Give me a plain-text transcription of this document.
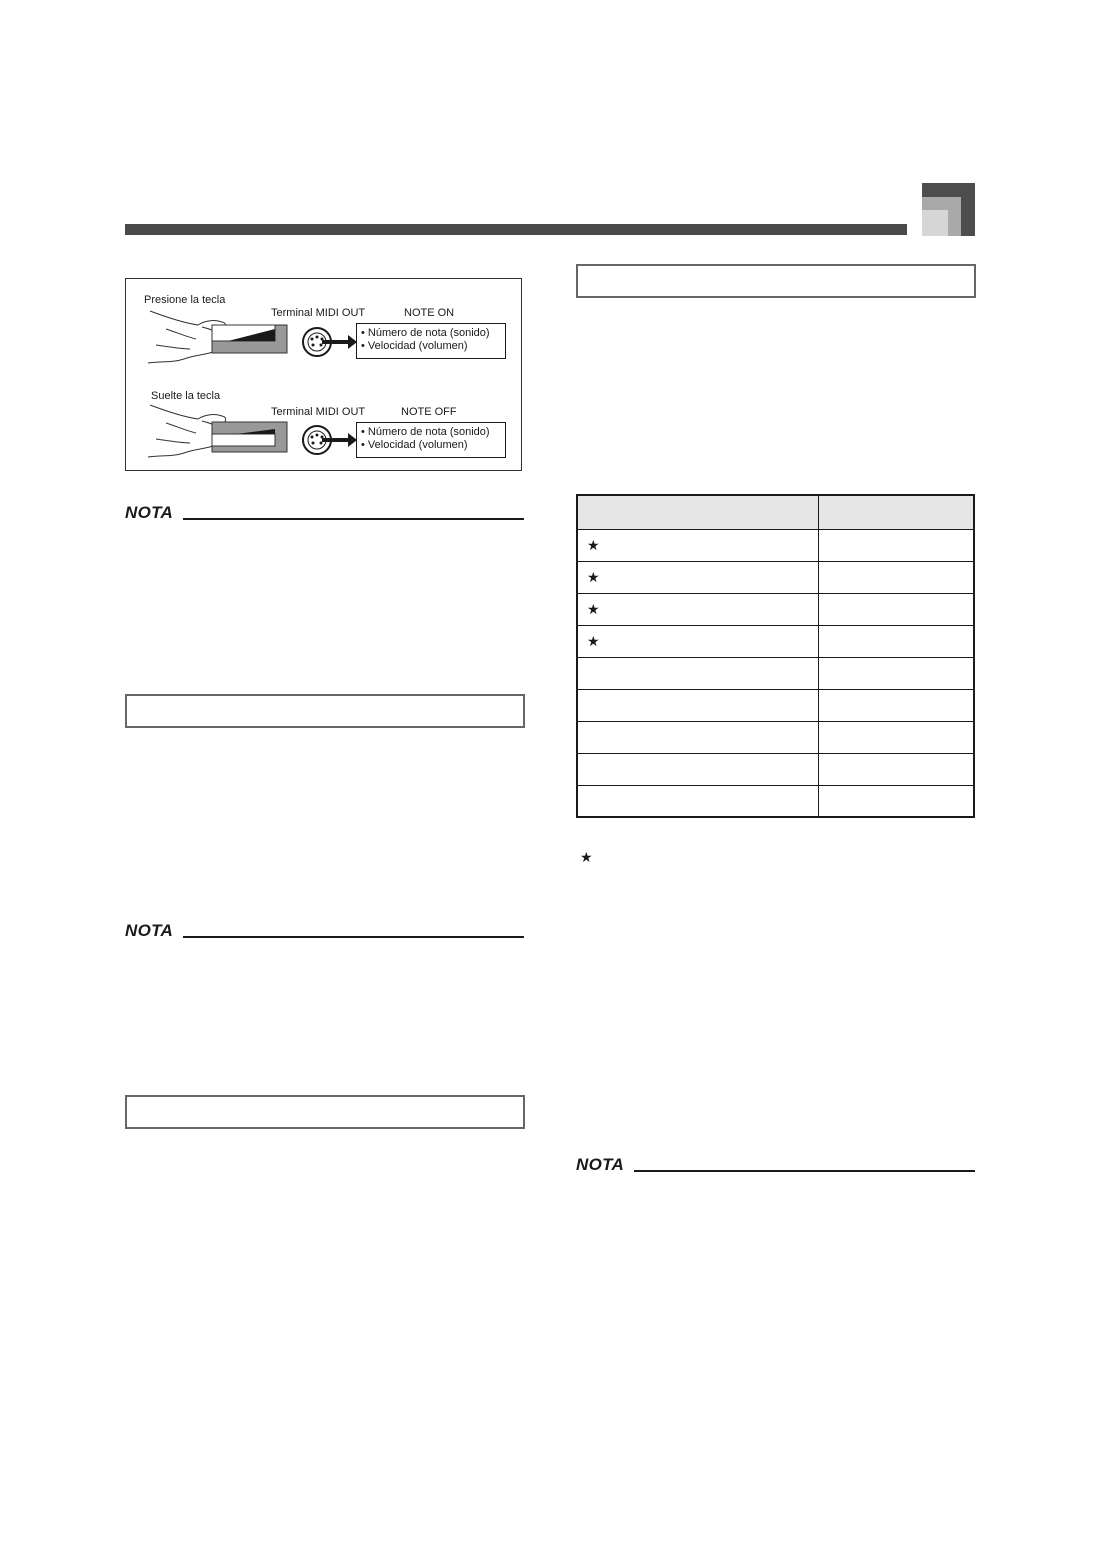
Presione la tecla
Terminal MIDI OUT	NOTE ON
• Número de nota (sonido)
• Velocidad (volumen)
Suelte la tecla
Terminal MIDI OUT	NOTE OFF
• Número de nota (sonido)
• Velocidad (volumen)
NOTA
NOTA

★	
★	
★	
★	

★
NOTA
